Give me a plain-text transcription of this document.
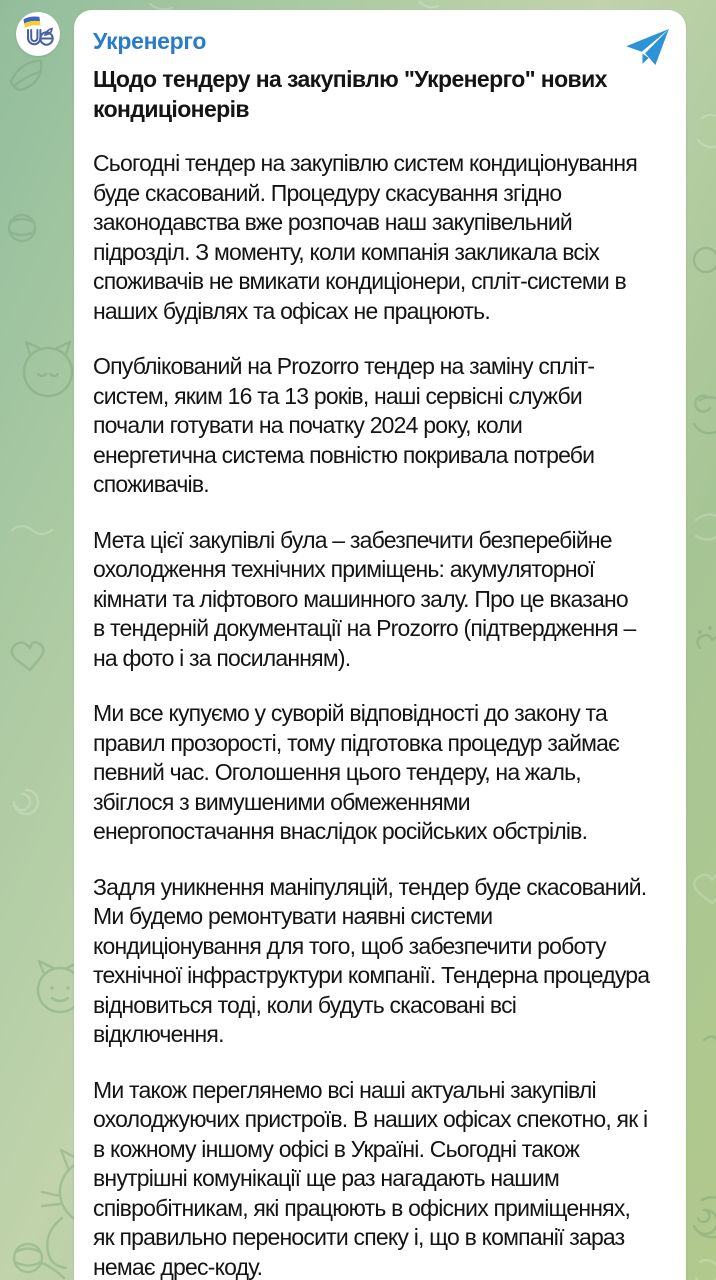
Укренерго
Щодо тендеру на закупівлю "Укренерго" нових
кондиціонерів

Сьогодні тендер на закупівлю систем кондиціонування
буде скасований. Процедуру скасування згідно
законодавства вже розпочав наш закупівельний
підрозділ. З моменту, коли компанія закликала всіх
споживачів не вмикати кондиціонери, спліт-системи в
наших будівлях та офісах не працюють.

Опублікований на Prozorro тендер на заміну спліт-
систем, яким 16 та 13 років, наші сервісні служби
почали готувати на початку 2024 року, коли
енергетична система повністю покривала потреби
споживачів.

Мета цієї закупівлі була – забезпечити безперебійне
охолодження технічних приміщень: акумуляторної
кімнати та ліфтового машинного залу. Про це вказано
в тендерній документації на Prozorro (підтвердження –
на фото і за посиланням).

Ми все купуємо у суворій відповідності до закону та
правил прозорості, тому підготовка процедур займає
певний час. Оголошення цього тендеру, на жаль,
збіглося з вимушеними обмеженнями
енергопостачання внаслідок російських обстрілів.

Задля уникнення маніпуляцій, тендер буде скасований.
Ми будемо ремонтувати наявні системи
кондиціонування для того, щоб забезпечити роботу
технічної інфраструктури компанії. Тендерна процедура
відновиться тоді, коли будуть скасовані всі
відключення.

Ми також переглянемо всі наші актуальні закупівлі
охолоджуючих пристроїв. В наших офісах спекотно, як і
в кожному іншому офісі в Україні. Сьогодні також
внутрішні комунікації ще раз нагадають нашим
співробітникам, які працюють в офісних приміщеннях,
як правильно переносити спеку і, що в компанії зараз
немає дрес-коду.
